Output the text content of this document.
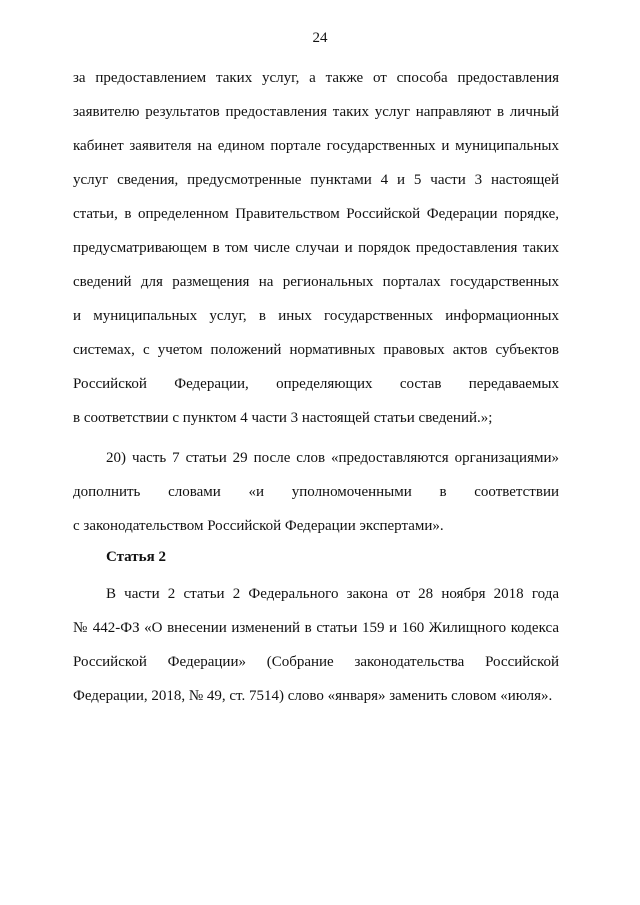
24
за предоставлением таких услуг, а также от способа предоставления
заявителю результатов предоставления таких услуг направляют в личный
кабинет заявителя на едином портале государственных и муниципальных
услуг сведения, предусмотренные пунктами 4 и 5 части 3 настоящей
статьи, в определенном Правительством Российской Федерации порядке,
предусматривающем в том числе случаи и порядок предоставления таких
сведений для размещения на региональных порталах государственных
и муниципальных услуг, в иных государственных информационных
системах, с учетом положений нормативных правовых актов субъектов
Российской Федерации, определяющих состав передаваемых
в соответствии с пунктом 4 части 3 настоящей статьи сведений.»;
20) часть 7 статьи 29 после слов «предоставляются организациями»
дополнить словами «и уполномоченными в соответствии
с законодательством Российской Федерации экспертами».
Статья 2
В части 2 статьи 2 Федерального закона от 28 ноября 2018 года
№ 442-ФЗ «О внесении изменений в статьи 159 и 160 Жилищного кодекса
Российской Федерации» (Собрание законодательства Российской
Федерации, 2018, № 49, ст. 7514) слово «января» заменить словом «июля».
